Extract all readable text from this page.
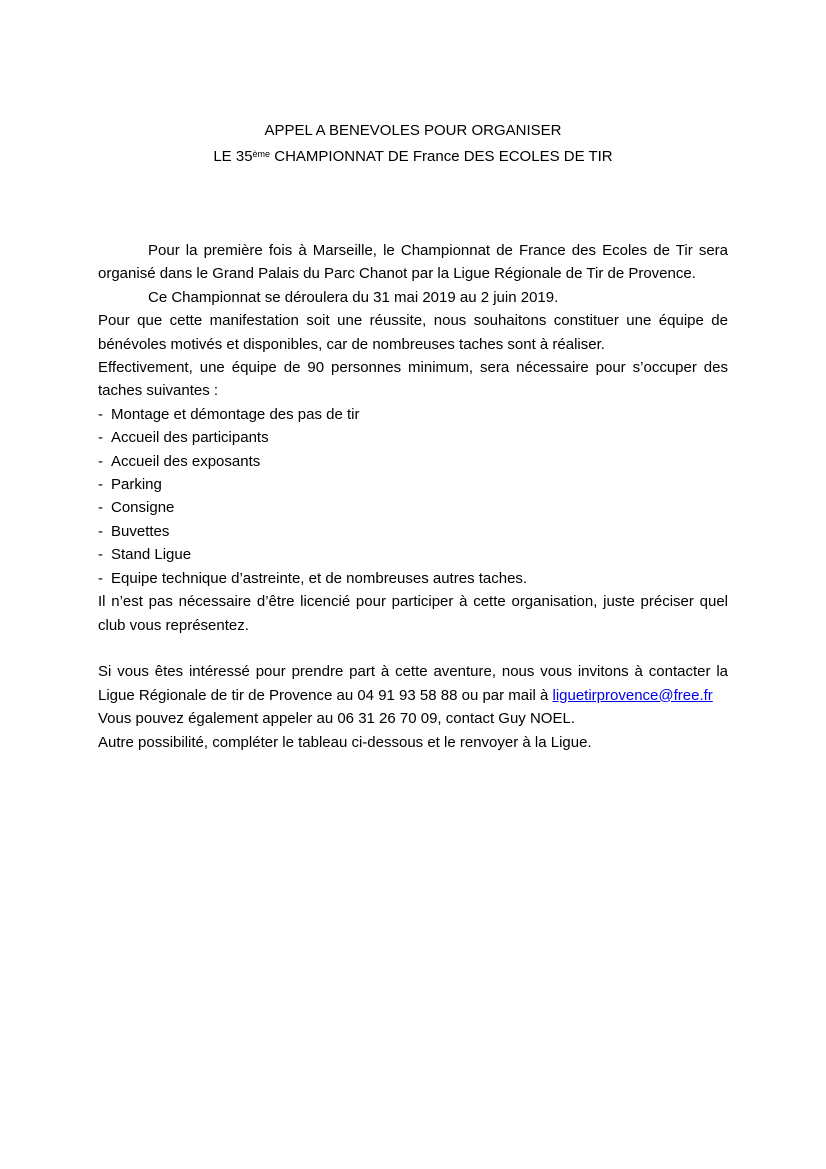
APPEL A BENEVOLES POUR ORGANISER
LE 35ème CHAMPIONNAT DE France DES ECOLES DE TIR

Pour la première fois à Marseille, le Championnat de France des Ecoles de Tir sera organisé dans le Grand Palais du Parc Chanot par la Ligue Régionale de Tir de Provence.

Ce Championnat se déroulera du 31 mai 2019 au 2 juin 2019.

Pour que cette manifestation soit une réussite, nous souhaitons constituer une équipe de bénévoles motivés et disponibles, car de nombreuses taches sont à réaliser.

Effectivement, une équipe de 90 personnes minimum, sera nécessaire pour s’occuper des taches suivantes :

- Montage et démontage des pas de tir
- Accueil des participants
- Accueil des exposants
- Parking
- Consigne
- Buvettes
- Stand Ligue
- Equipe technique d’astreinte, et de nombreuses autres taches.

Il n’est pas nécessaire d’être licencié pour participer à cette organisation, juste préciser quel club vous représentez.

Si vous êtes intéressé pour prendre part à cette aventure, nous vous invitons à contacter la Ligue Régionale de tir de Provence au 04 91 93 58 88 ou par mail à liguetirprovence@free.fr

Vous pouvez également appeler au 06 31 26 70 09, contact Guy NOEL.

Autre possibilité, compléter le tableau ci-dessous et le renvoyer à la Ligue.
